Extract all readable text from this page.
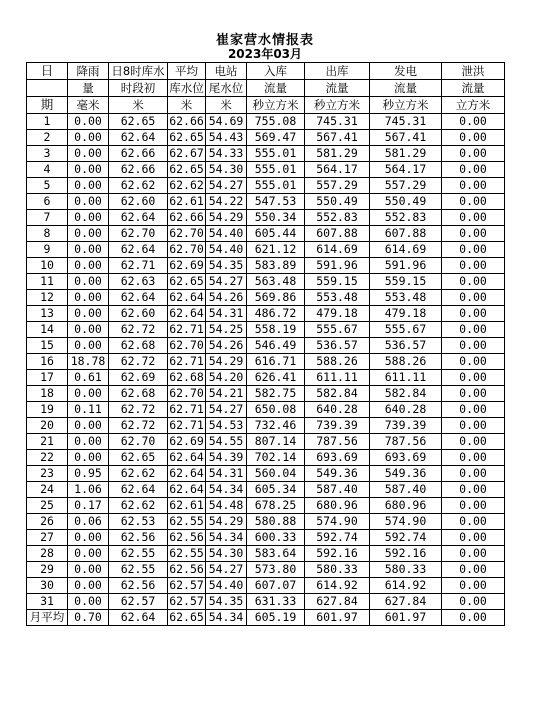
崔家营水情报表
2023年03月
日	降雨	日8时库水	平均	电站	入库	出库	发电	泄洪
	量	时段初	库水位	尾水位	流量	流量	流量	流量
期	毫米	米	米	米	秒立方米	秒立方米	秒立方米	立方米
1	0.00	62.65	62.66	54.69	755.08	745.31	745.31	0.00
2	0.00	62.64	62.65	54.43	569.47	567.41	567.41	0.00
3	0.00	62.66	62.67	54.33	555.01	581.29	581.29	0.00
4	0.00	62.66	62.65	54.30	555.01	564.17	564.17	0.00
5	0.00	62.62	62.62	54.27	555.01	557.29	557.29	0.00
6	0.00	62.60	62.61	54.22	547.53	550.49	550.49	0.00
7	0.00	62.64	62.66	54.29	550.34	552.83	552.83	0.00
8	0.00	62.70	62.70	54.40	605.44	607.88	607.88	0.00
9	0.00	62.64	62.70	54.40	621.12	614.69	614.69	0.00
10	0.00	62.71	62.69	54.35	583.89	591.96	591.96	0.00
11	0.00	62.63	62.65	54.27	563.48	559.15	559.15	0.00
12	0.00	62.64	62.64	54.26	569.86	553.48	553.48	0.00
13	0.00	62.60	62.64	54.31	486.72	479.18	479.18	0.00
14	0.00	62.72	62.71	54.25	558.19	555.67	555.67	0.00
15	0.00	62.68	62.70	54.26	546.49	536.57	536.57	0.00
16	18.78	62.72	62.71	54.29	616.71	588.26	588.26	0.00
17	0.61	62.69	62.68	54.20	626.41	611.11	611.11	0.00
18	0.00	62.68	62.70	54.21	582.75	582.84	582.84	0.00
19	0.11	62.72	62.71	54.27	650.08	640.28	640.28	0.00
20	0.00	62.72	62.71	54.53	732.46	739.39	739.39	0.00
21	0.00	62.70	62.69	54.55	807.14	787.56	787.56	0.00
22	0.00	62.65	62.64	54.39	702.14	693.69	693.69	0.00
23	0.95	62.62	62.64	54.31	560.04	549.36	549.36	0.00
24	1.06	62.64	62.64	54.34	605.34	587.40	587.40	0.00
25	0.17	62.62	62.61	54.48	678.25	680.96	680.96	0.00
26	0.06	62.53	62.55	54.29	580.88	574.90	574.90	0.00
27	0.00	62.56	62.56	54.34	600.33	592.74	592.74	0.00
28	0.00	62.55	62.55	54.30	583.64	592.16	592.16	0.00
29	0.00	62.55	62.56	54.27	573.80	580.33	580.33	0.00
30	0.00	62.56	62.57	54.40	607.07	614.92	614.92	0.00
31	0.00	62.57	62.57	54.35	631.33	627.84	627.84	0.00
月平均	0.70	62.64	62.65	54.34	605.19	601.97	601.97	0.00
